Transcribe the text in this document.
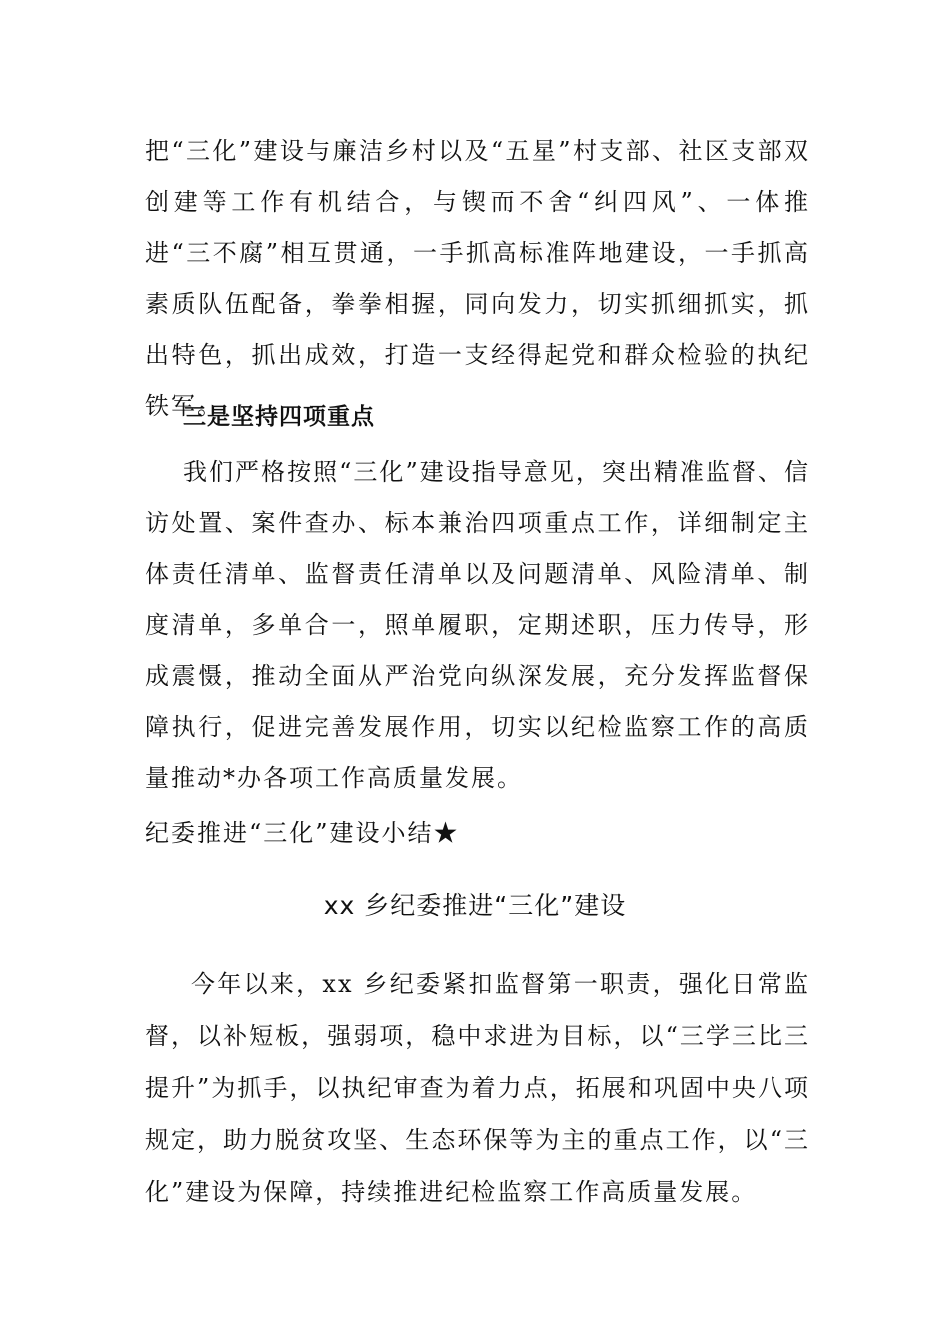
把“三化”建设与廉洁乡村以及“五星”村支部、社区支部双创建等工作有机结合，与锲而不舍“纠四风”、一体推进“三不腐”相互贯通，一手抓高标准阵地建设，一手抓高素质队伍配备，拳拳相握，同向发力，切实抓细抓实，抓出特色，抓出成效，打造一支经得起党和群众检验的执纪铁军。

三是坚持四项重点

我们严格按照“三化”建设指导意见，突出精准监督、信访处置、案件查办、标本兼治四项重点工作，详细制定主体责任清单、监督责任清单以及问题清单、风险清单、制度清单，多单合一，照单履职，定期述职，压力传导，形成震慑，推动全面从严治党向纵深发展，充分发挥监督保障执行，促进完善发展作用，切实以纪检监察工作的高质量推动*办各项工作高质量发展。

纪委推进“三化”建设小结★

xx 乡纪委推进“三化”建设

今年以来，xx 乡纪委紧扣监督第一职责，强化日常监督，以补短板，强弱项，稳中求进为目标，以“三学三比三提升”为抓手，以执纪审查为着力点，拓展和巩固中央八项规定，助力脱贫攻坚、生态环保等为主的重点工作，以“三化”建设为保障，持续推进纪检监察工作高质量发展。
